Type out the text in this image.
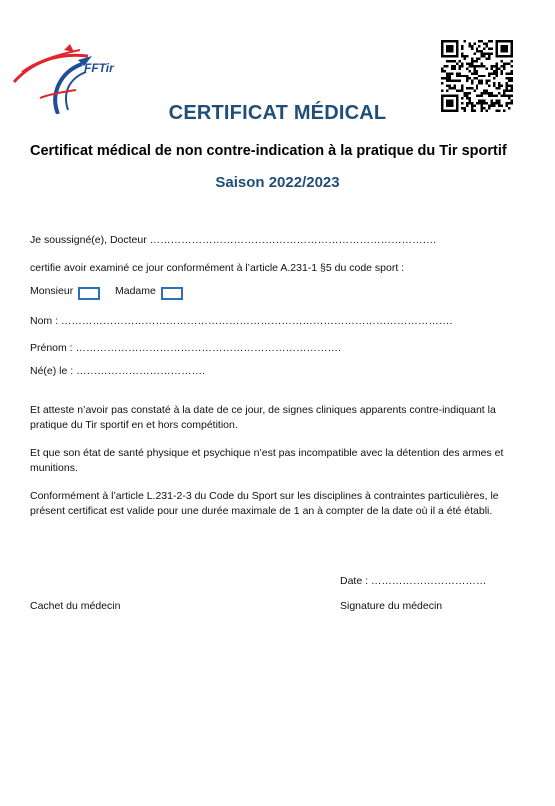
FFTir
CERTIFICAT MÉDICAL
Certificat médical de non contre-indication à la pratique du Tir sportif
Saison 2022/2023
Je soussigné(e), Docteur ……………………………………………………………………….
certifie avoir examiné ce jour conformément à l’article A.231-1 §5 du code sport :
Monsieur	Madame
Nom : ………………………………………………………………………………………………….
Prénom : ………………………………………………………………….
Né(e) le : ……………………………….
Et atteste n’avoir pas constaté à la date de ce jour, de signes cliniques apparents contre-indiquant la pratique du Tir sportif en et hors compétition.
Et que son état de santé physique et psychique n’est pas incompatible avec la détention des armes et munitions.
Conformément à l’article L.231-2-3 du Code du Sport sur les disciplines à contraintes particulières, le présent certificat est valide pour une durée maximale de 1 an à compter de la date où il a été établi.
Date : ……………………………
Cachet du médecin	Signature du médecin
